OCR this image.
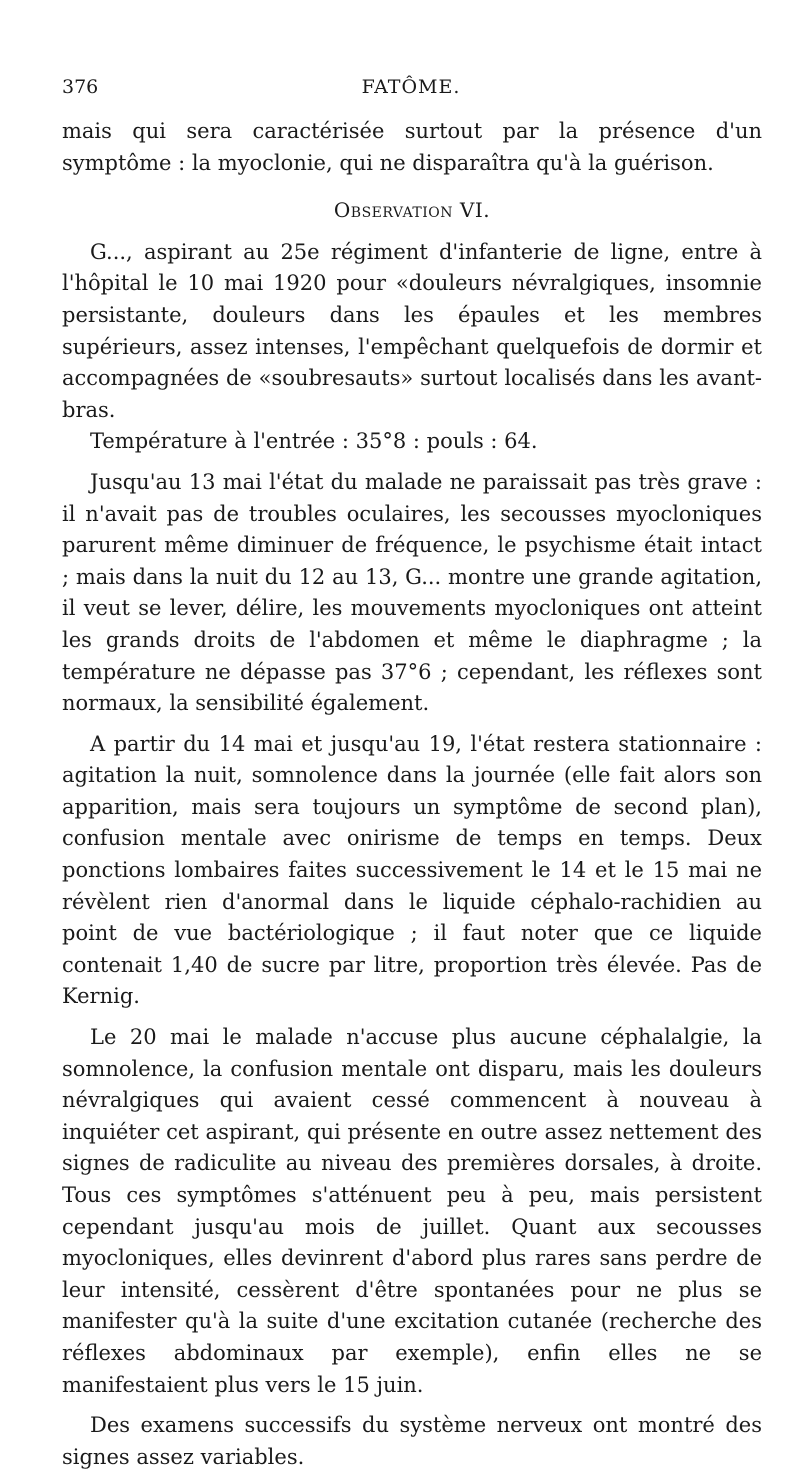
376	FATÔME.

mais qui sera caractérisée surtout par la présence d'un symptôme : la myoclonie, qui ne disparaîtra qu'à la guérison.

Observation VI.

G..., aspirant au 25e régiment d'infanterie de ligne, entre à l'hôpital le 10 mai 1920 pour «douleurs névralgiques, insomnie persistante, douleurs dans les épaules et les membres supérieurs, assez intenses, l'empêchant quelquefois de dormir et accompagnées de «soubresauts» surtout localisés dans les avant-bras.

Température à l'entrée : 35°8 : pouls : 64.

Jusqu'au 13 mai l'état du malade ne paraissait pas très grave : il n'avait pas de troubles oculaires, les secousses myocloniques parurent même diminuer de fréquence, le psychisme était intact ; mais dans la nuit du 12 au 13, G... montre une grande agitation, il veut se lever, délire, les mouvements myocloniques ont atteint les grands droits de l'abdomen et même le diaphragme ; la température ne dépasse pas 37°6 ; cependant, les réflexes sont normaux, la sensibilité également.

A partir du 14 mai et jusqu'au 19, l'état restera stationnaire : agitation la nuit, somnolence dans la journée (elle fait alors son apparition, mais sera toujours un symptôme de second plan), confusion mentale avec onirisme de temps en temps. Deux ponctions lombaires faites successivement le 14 et le 15 mai ne révèlent rien d'anormal dans le liquide céphalo-rachidien au point de vue bactériologique ; il faut noter que ce liquide contenait 1,40 de sucre par litre, proportion très élevée. Pas de Kernig.

Le 20 mai le malade n'accuse plus aucune céphalalgie, la somnolence, la confusion mentale ont disparu, mais les douleurs névralgiques qui avaient cessé commencent à nouveau à inquiéter cet aspirant, qui présente en outre assez nettement des signes de radiculite au niveau des premières dorsales, à droite. Tous ces symptômes s'atténuent peu à peu, mais persistent cependant jusqu'au mois de juillet. Quant aux secousses myocloniques, elles devinrent d'abord plus rares sans perdre de leur intensité, cessèrent d'être spontanées pour ne plus se manifester qu'à la suite d'une excitation cutanée (recherche des réflexes abdominaux par exemple), enfin elles ne se manifestaient plus vers le 15 juin.

Des examens successifs du système nerveux ont montré des signes assez variables.
